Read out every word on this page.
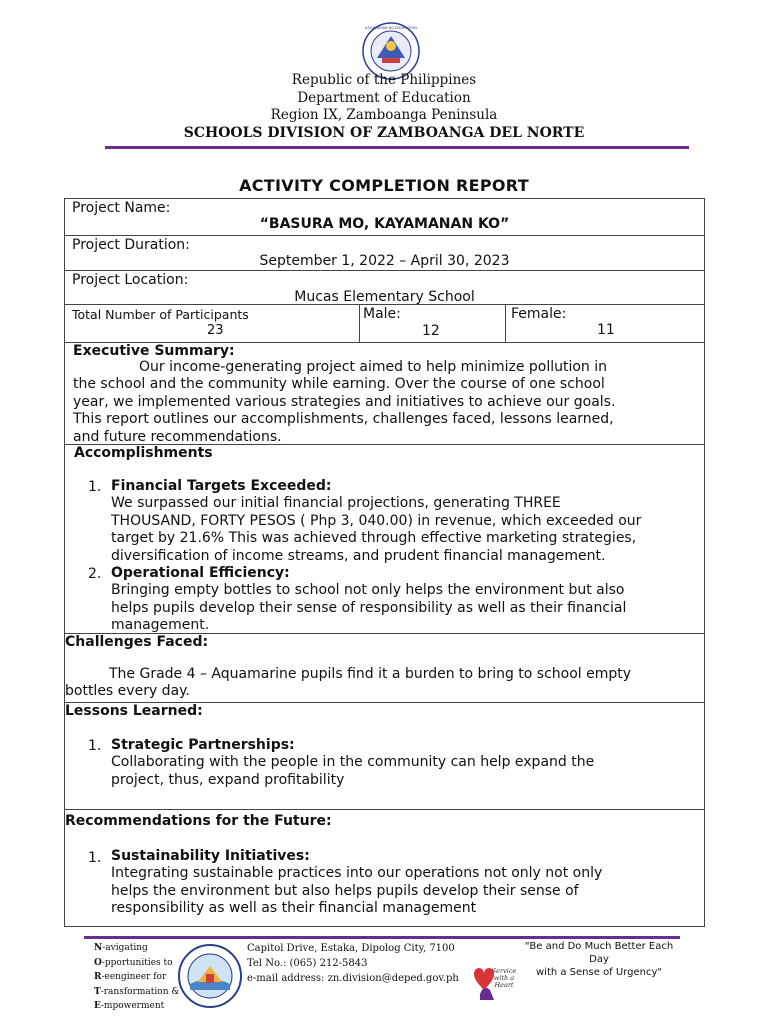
KAGAWARAN NG EDUKASYON
Republic of the Philippines
Department of Education
Region IX, Zamboanga Peninsula
SCHOOLS DIVISION OF ZAMBOANGA DEL NORTE
ACTIVITY COMPLETION REPORT
Project Name:
“BASURA MO, KAYAMANAN KO”
Project Duration:
September 1, 2022 – April 30, 2023
Project Location:
Mucas Elementary School
Total Number of Participants
23
Male:
12
Female:
11
Executive Summary:
Our income-generating project aimed to help minimize pollution in
the school and the community while earning. Over the course of one school
year, we implemented various strategies and initiatives to achieve our goals.
This report outlines our accomplishments, challenges faced, lessons learned,
and future recommendations.
Accomplishments
1. Financial Targets Exceeded:
We surpassed our initial financial projections, generating THREE
THOUSAND, FORTY PESOS ( Php 3, 040.00) in revenue, which exceeded our
target by 21.6% This was achieved through effective marketing strategies,
diversification of income streams, and prudent financial management.
2. Operational Efficiency:
Bringing empty bottles to school not only helps the environment but also
helps pupils develop their sense of responsibility as well as their financial
management.
Challenges Faced:
The Grade 4 – Aquamarine pupils find it a burden to bring to school empty
bottles every day.
Lessons Learned:
1. Strategic Partnerships:
Collaborating with the people in the community can help expand the
project, thus, expand profitability
Recommendations for the Future:
1. Sustainability Initiatives:
Integrating sustainable practices into our operations not only not only
helps the environment but also helps pupils develop their sense of
responsibility as well as their financial management
N-avigating
O-pportunities to
R-eengineer for
T-ransformation &
E-mpowerment
Capitol Drive, Estaka, Dipolog City, 7100
Tel No.: (065) 212-5843
e-mail address: zn.division@deped.gov.ph
Service with a Heart
"Be and Do Much Better Each
Day
with a Sense of Urgency"
